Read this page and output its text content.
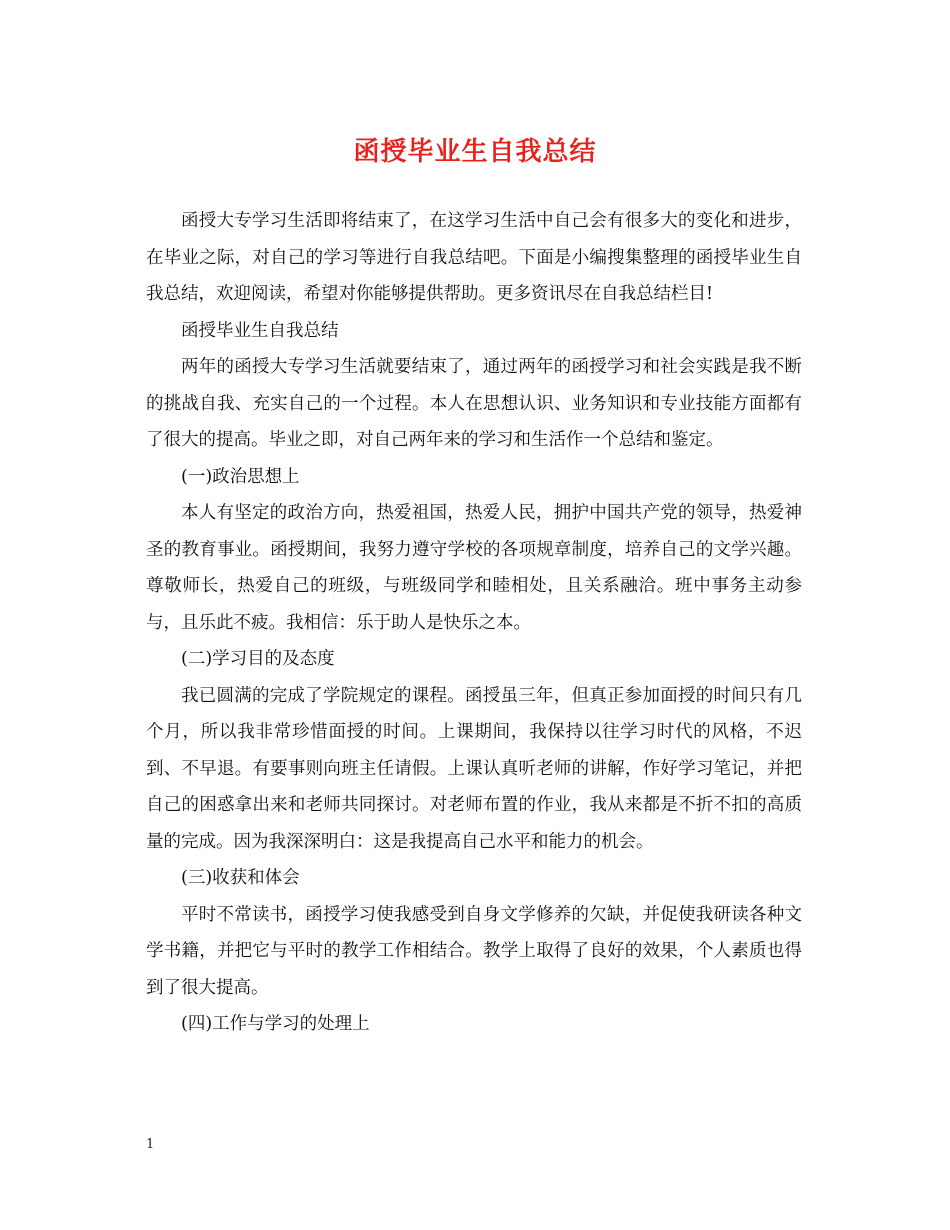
函授毕业生自我总结

函授大专学习生活即将结束了，在这学习生活中自己会有很多大的变化和进步，在毕业之际，对自己的学习等进行自我总结吧。下面是小编搜集整理的函授毕业生自我总结，欢迎阅读，希望对你能够提供帮助。更多资讯尽在自我总结栏目!

函授毕业生自我总结

两年的函授大专学习生活就要结束了，通过两年的函授学习和社会实践是我不断的挑战自我、充实自己的一个过程。本人在思想认识、业务知识和专业技能方面都有了很大的提高。毕业之即，对自己两年来的学习和生活作一个总结和鉴定。

(一)政治思想上

本人有坚定的政治方向，热爱祖国，热爱人民，拥护中国共产党的领导，热爱神圣的教育事业。函授期间，我努力遵守学校的各项规章制度，培养自己的文学兴趣。尊敬师长，热爱自己的班级，与班级同学和睦相处，且关系融洽。班中事务主动参与，且乐此不疲。我相信：乐于助人是快乐之本。

(二)学习目的及态度

我已圆满的完成了学院规定的课程。函授虽三年，但真正参加面授的时间只有几个月，所以我非常珍惜面授的时间。上课期间，我保持以往学习时代的风格，不迟到、不早退。有要事则向班主任请假。上课认真听老师的讲解，作好学习笔记，并把自己的困惑拿出来和老师共同探讨。对老师布置的作业，我从来都是不折不扣的高质量的完成。因为我深深明白：这是我提高自己水平和能力的机会。

(三)收获和体会

平时不常读书，函授学习使我感受到自身文学修养的欠缺，并促使我研读各种文学书籍，并把它与平时的教学工作相结合。教学上取得了良好的效果，个人素质也得到了很大提高。

(四)工作与学习的处理上

1
